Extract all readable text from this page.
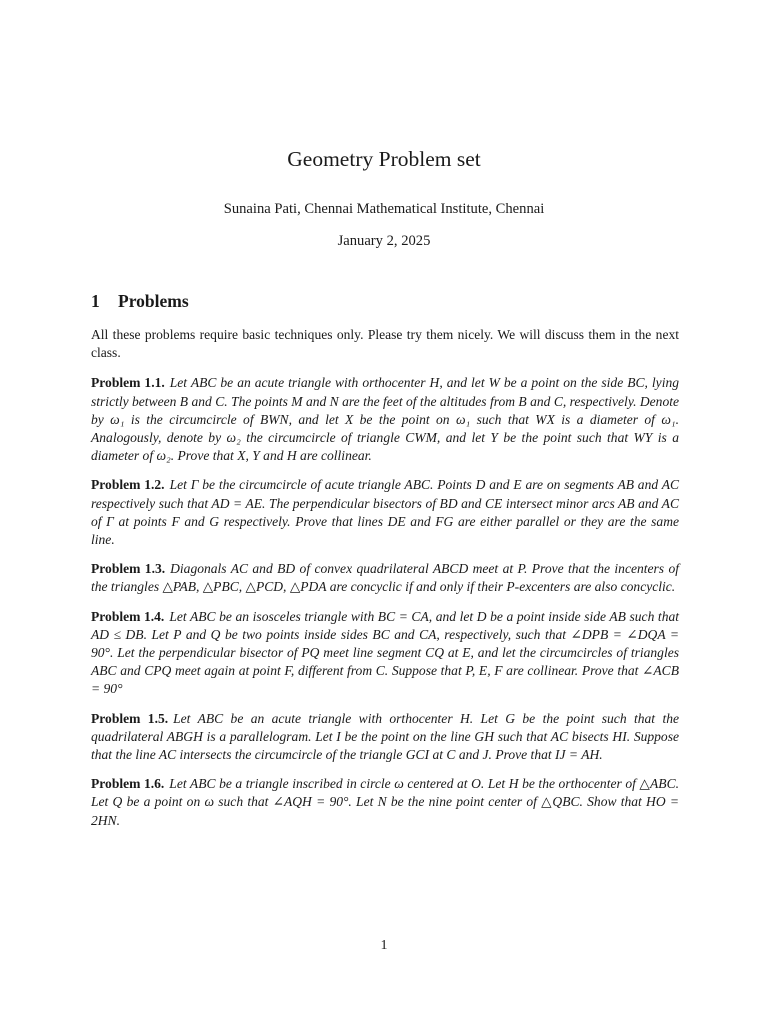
Geometry Problem set
Sunaina Pati, Chennai Mathematical Institute, Chennai
January 2, 2025
1 Problems

All these problems require basic techniques only. Please try them nicely. We will discuss them in the next class.

Problem 1.1. Let ABC be an acute triangle with orthocenter H, and let W be a point on the side BC, lying strictly between B and C. The points M and N are the feet of the altitudes from B and C, respectively. Denote by ω₁ is the circumcircle of BWN, and let X be the point on ω₁ such that WX is a diameter of ω₁. Analogously, denote by ω₂ the circumcircle of triangle CWM, and let Y be the point such that WY is a diameter of ω₂. Prove that X, Y and H are collinear.

Problem 1.2. Let Γ be the circumcircle of acute triangle ABC. Points D and E are on segments AB and AC respectively such that AD = AE. The perpendicular bisectors of BD and CE intersect minor arcs AB and AC of Γ at points F and G respectively. Prove that lines DE and FG are either parallel or they are the same line.

Problem 1.3. Diagonals AC and BD of convex quadrilateral ABCD meet at P. Prove that the incenters of the triangles △PAB, △PBC, △PCD, △PDA are concyclic if and only if their P-excenters are also concyclic.

Problem 1.4. Let ABC be an isosceles triangle with BC = CA, and let D be a point inside side AB such that AD ≤ DB. Let P and Q be two points inside sides BC and CA, respectively, such that ∠DPB = ∠DQA = 90°. Let the perpendicular bisector of PQ meet line segment CQ at E, and let the circumcircles of triangles ABC and CPQ meet again at point F, different from C. Suppose that P, E, F are collinear. Prove that ∠ACB = 90°

Problem 1.5. Let ABC be an acute triangle with orthocenter H. Let G be the point such that the quadrilateral ABGH is a parallelogram. Let I be the point on the line GH such that AC bisects HI. Suppose that the line AC intersects the circumcircle of the triangle GCI at C and J. Prove that IJ = AH.

Problem 1.6. Let ABC be a triangle inscribed in circle ω centered at O. Let H be the orthocenter of △ABC. Let Q be a point on ω such that ∠AQH = 90°. Let N be the nine point center of △QBC. Show that HO = 2HN.

1
